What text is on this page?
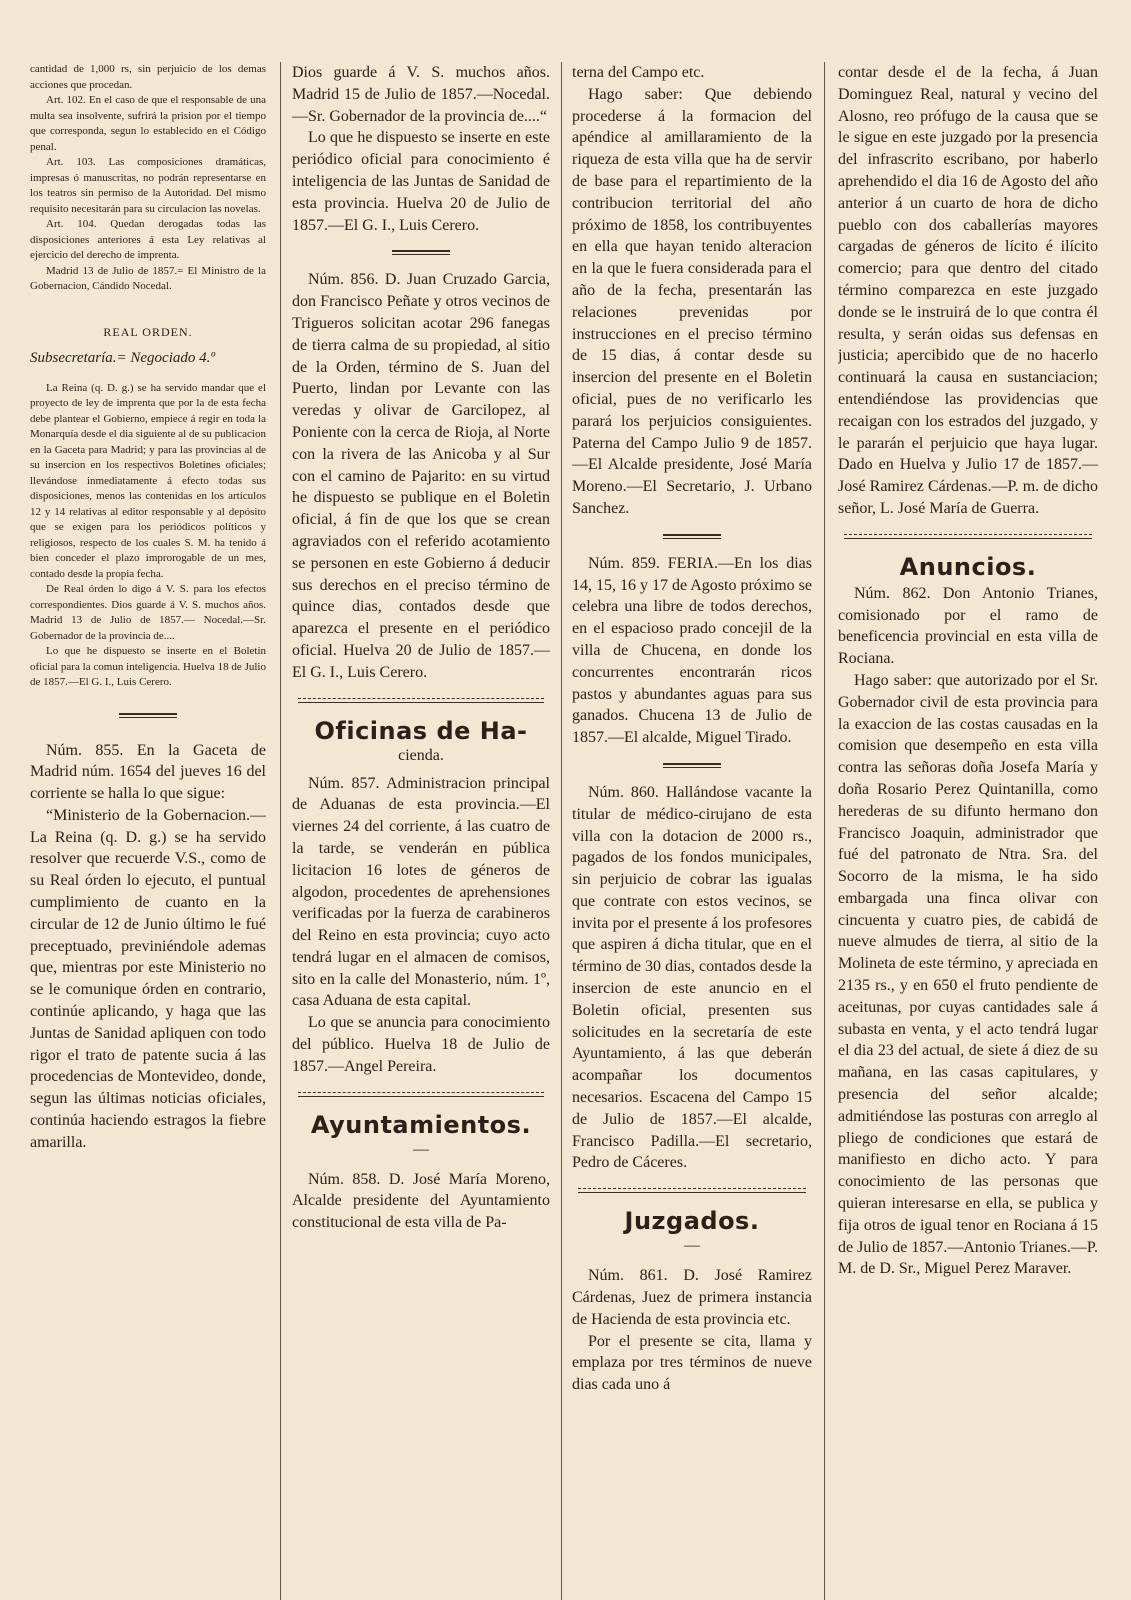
cantidad de 1,000 rs, sin perjuicio de los demas acciones que procedan.

Art. 102. En el caso de que el responsable de una multa sea insolvente, sufrirá la prision por el tiempo que corresponda, segun lo establecido en el Código penal.

Art. 103. Las composiciones dramáticas, impresas ó manuscritas, no podrán representarse en los teatros sin permiso de la Autoridad. Del mismo requisito necesitarán para su circulacion las novelas.

Art. 104. Quedan derogadas todas las disposiciones anteriores á esta Ley relativas al ejercicio del derecho de imprenta.

Madrid 13 de Julio de 1857.= El Ministro de la Gobernacion, Cándido Nocedal.

REAL ORDEN.
Subsecretaría.= Negociado 4.º

La Reina (q. D. g.) se ha servido mandar que el proyecto de ley de imprenta que por la de esta fecha debe plantear el Gobierno, empiece á regir en toda la Monarquía desde el dia siguiente al de su publicacion en la Gaceta para Madrid; y para las provincias al de su insercion en los respectivos Boletines oficiales; llevándose inmediatamente á efecto todas sus disposiciones, menos las contenidas en los artículos 12 y 14 relativas al editor responsable y al depósito que se exigen para los periódicos políticos y religiosos, respecto de los cuales S. M. ha tenido á bien conceder el plazo improrogable de un mes, contado desde la propia fecha.

De Real órden lo digo á V. S. para los efectos correspondientes. Dios guarde á V. S. muchos años. Madrid 13 de Julio de 1857.— Nocedal.—Sr. Gobernador de la provincia de....

Lo que he dispuesto se inserte en el Boletin oficial para la comun inteligencia. Huelva 18 de Julio de 1857.—El G. I., Luis Cerero.

Núm. 855. En la Gaceta de Madrid núm. 1654 del jueves 16 del corriente se halla lo que sigue:

“Ministerio de la Gobernacion.—La Reina (q. D. g.) se ha servido resolver que recuerde V.S., como de su Real órden lo ejecuto, el puntual cumplimiento de cuanto en la circular de 12 de Junio último le fué preceptuado, previniéndole ademas que, mientras por este Ministerio no se le comunique órden en contrario, continúe aplicando, y haga que las Juntas de Sanidad apliquen con todo rigor el trato de patente sucia á las procedencias de Montevideo, donde, segun las últimas noticias oficiales, continúa haciendo estragos la fiebre amarilla.

Dios guarde á V. S. muchos años. Madrid 15 de Julio de 1857.—Nocedal.—Sr. Gobernador de la provincia de....“

Lo que he dispuesto se inserte en este periódico oficial para conocimiento é inteligencia de las Juntas de Sanidad de esta provincia. Huelva 20 de Julio de 1857.—El G. I., Luis Cerero.

Núm. 856. D. Juan Cruzado Garcia, don Francisco Peñate y otros vecinos de Trigueros solicitan acotar 296 fanegas de tierra calma de su propiedad, al sitio de la Orden, término de S. Juan del Puerto, lindan por Levante con las veredas y olivar de Garcilopez, al Poniente con la cerca de Rioja, al Norte con la rivera de las Anicoba y al Sur con el camino de Pajarito: en su virtud he dispuesto se publique en el Boletin oficial, á fin de que los que se crean agraviados con el referido acotamiento se personen en este Gobierno á deducir sus derechos en el preciso término de quince dias, contados desde que aparezca el presente en el periódico oficial. Huelva 20 de Julio de 1857.—El G. I., Luis Cerero.

Oficinas de Ha-
cienda.

Núm. 857. Administracion principal de Aduanas de esta provincia.—El viernes 24 del corriente, á las cuatro de la tarde, se venderán en pública licitacion 16 lotes de géneros de algodon, procedentes de aprehensiones verificadas por la fuerza de carabineros del Reino en esta provincia; cuyo acto tendrá lugar en el almacen de comisos, sito en la calle del Monasterio, núm. 1º, casa Aduana de esta capital.

Lo que se anuncia para conocimiento del público. Huelva 18 de Julio de 1857.—Angel Pereira.

Ayuntamientos.
—

Núm. 858. D. José María Moreno, Alcalde presidente del Ayuntamiento constitucional de esta villa de Pa-

terna del Campo etc.

Hago saber: Que debiendo procederse á la formacion del apéndice al amillaramiento de la riqueza de esta villa que ha de servir de base para el repartimiento de la contribucion territorial del año próximo de 1858, los contribuyentes en ella que hayan tenido alteracion en la que le fuera considerada para el año de la fecha, presentarán las relaciones prevenidas por instrucciones en el preciso término de 15 dias, á contar desde su insercion del presente en el Boletin oficial, pues de no verificarlo les parará los perjuicios consiguientes. Paterna del Campo Julio 9 de 1857.—El Alcalde presidente, José María Moreno.—El Secretario, J. Urbano Sanchez.

Núm. 859. FERIA.—En los dias 14, 15, 16 y 17 de Agosto próximo se celebra una libre de todos derechos, en el espacioso prado concejil de la villa de Chucena, en donde los concurrentes encontrarán ricos pastos y abundantes aguas para sus ganados. Chucena 13 de Julio de 1857.—El alcalde, Miguel Tirado.

Núm. 860. Hallándose vacante la titular de médico-cirujano de esta villa con la dotacion de 2000 rs., pagados de los fondos municipales, sin perjuicio de cobrar las igualas que contrate con estos vecinos, se invita por el presente á los profesores que aspiren á dicha titular, que en el término de 30 dias, contados desde la insercion de este anuncio en el Boletin oficial, presenten sus solicitudes en la secretaría de este Ayuntamiento, á las que deberán acompañar los documentos necesarios. Escacena del Campo 15 de Julio de 1857.—El alcalde, Francisco Padilla.—El secretario, Pedro de Cáceres.

Juzgados.
—

Núm. 861. D. José Ramirez Cárdenas, Juez de primera instancia de Hacienda de esta provincia etc.

Por el presente se cita, llama y emplaza por tres términos de nueve dias cada uno á

contar desde el de la fecha, á Juan Dominguez Real, natural y vecino del Alosno, reo prófugo de la causa que se le sigue en este juzgado por la presencia del infrascrito escribano, por haberlo aprehendido el dia 16 de Agosto del año anterior á un cuarto de hora de dicho pueblo con dos caballerías mayores cargadas de géneros de lícito é ilícito comercio; para que dentro del citado término comparezca en este juzgado donde se le instruirá de lo que contra él resulta, y serán oidas sus defensas en justicia; apercibido que de no hacerlo continuará la causa en sustanciacion; entendiéndose las providencias que recaigan con los estrados del juzgado, y le pararán el perjuicio que haya lugar. Dado en Huelva y Julio 17 de 1857.—José Ramirez Cárdenas.—P. m. de dicho señor, L. José María de Guerra.

Anuncios.

Núm. 862. Don Antonio Trianes, comisionado por el ramo de beneficencia provincial en esta villa de Rociana.

Hago saber: que autorizado por el Sr. Gobernador civil de esta provincia para la exaccion de las costas causadas en la comision que desempeño en esta villa contra las señoras doña Josefa María y doña Rosario Perez Quintanilla, como herederas de su difunto hermano don Francisco Joaquin, administrador que fué del patronato de Ntra. Sra. del Socorro de la misma, le ha sido embargada una finca olivar con cincuenta y cuatro pies, de cabidá de nueve almudes de tierra, al sitio de la Molineta de este término, y apreciada en 2135 rs., y en 650 el fruto pendiente de aceitunas, por cuyas cantidades sale á subasta en venta, y el acto tendrá lugar el dia 23 del actual, de siete á diez de su mañana, en las casas capitulares, y presencia del señor alcalde; admitiéndose las posturas con arreglo al pliego de condiciones que estará de manifiesto en dicho acto. Y para conocimiento de las personas que quieran interesarse en ella, se publica y fija otros de igual tenor en Rociana á 15 de Julio de 1857.—Antonio Trianes.—P. M. de D. Sr., Miguel Perez Maraver.
